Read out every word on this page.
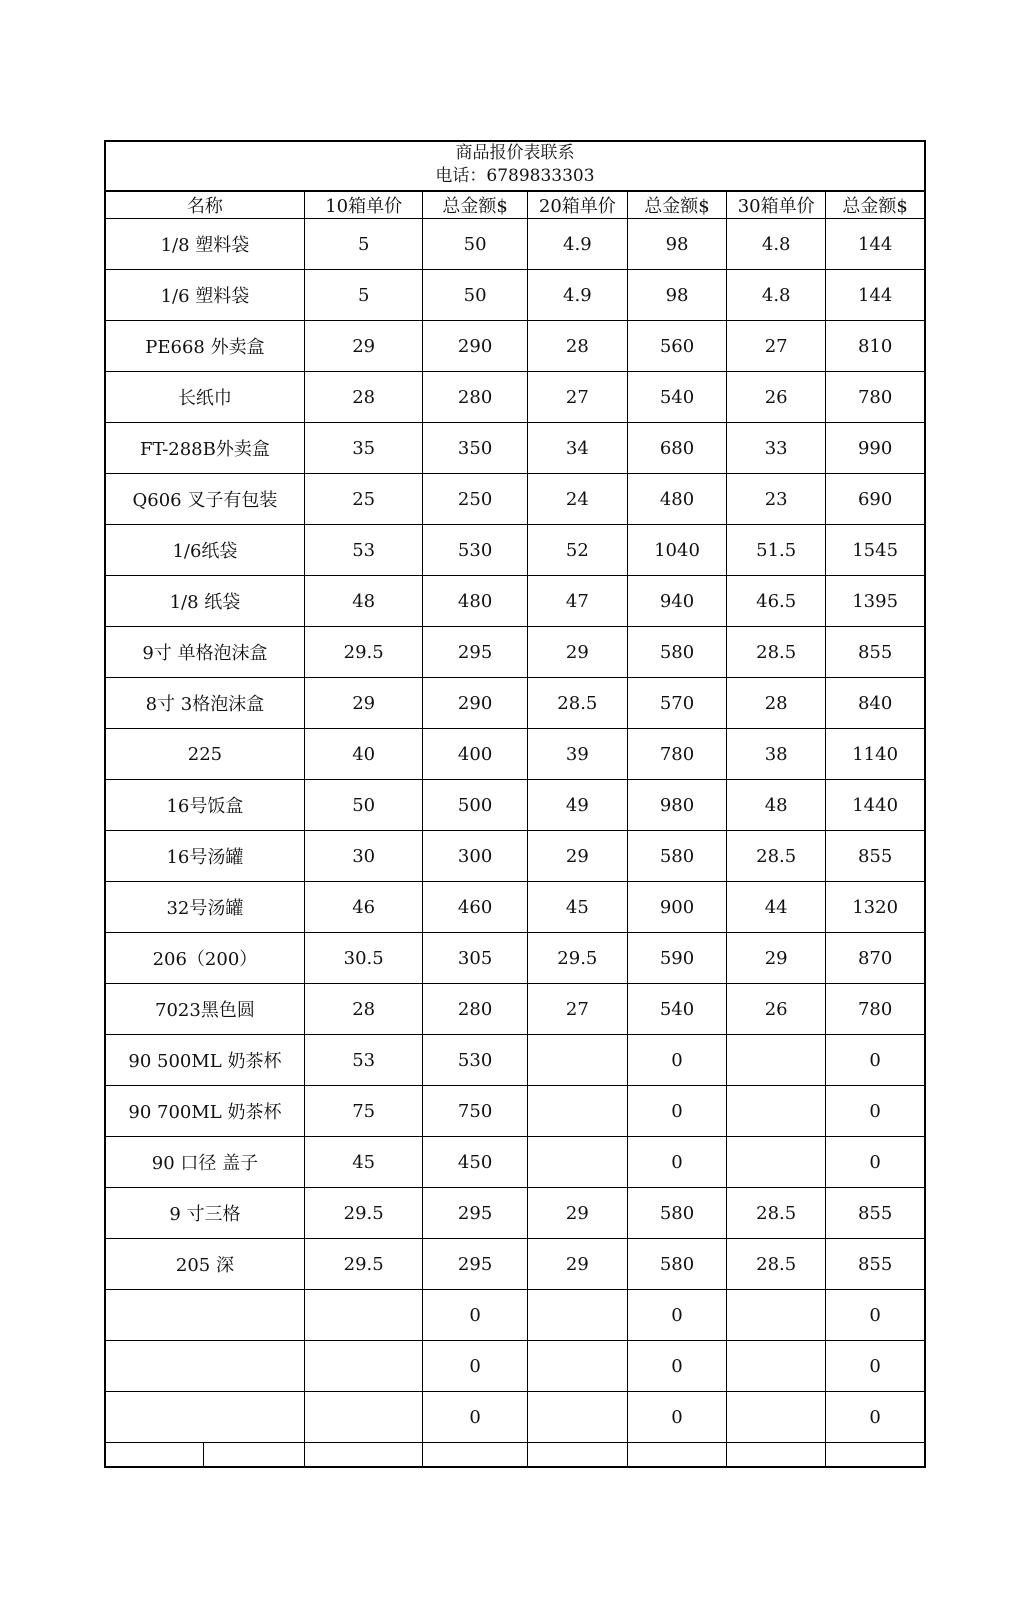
商品报价表联系
电话：6789833303
名称	10箱单价	总金额$	20箱单价	总金额$	30箱单价	总金额$
1/8 塑料袋	5	50	4.9	98	4.8	144
1/6 塑料袋	5	50	4.9	98	4.8	144
PE668 外卖盒	29	290	28	560	27	810
长纸巾	28	280	27	540	26	780
FT-288B外卖盒	35	350	34	680	33	990
Q606 叉子有包装	25	250	24	480	23	690
1/6纸袋	53	530	52	1040	51.5	1545
1/8 纸袋	48	480	47	940	46.5	1395
9寸 单格泡沫盒	29.5	295	29	580	28.5	855
8寸 3格泡沫盒	29	290	28.5	570	28	840
225	40	400	39	780	38	1140
16号饭盒	50	500	49	980	48	1440
16号汤罐	30	300	29	580	28.5	855
32号汤罐	46	460	45	900	44	1320
206（200）	30.5	305	29.5	590	29	870
7023黑色圆	28	280	27	540	26	780
90 500ML 奶茶杯	53	530		0		0
90 700ML 奶茶杯	75	750		0		0
90 口径 盖子	45	450		0		0
9 寸三格	29.5	295	29	580	28.5	855
205 深	29.5	295	29	580	28.5	855
		0		0		0
		0		0		0
		0		0		0
